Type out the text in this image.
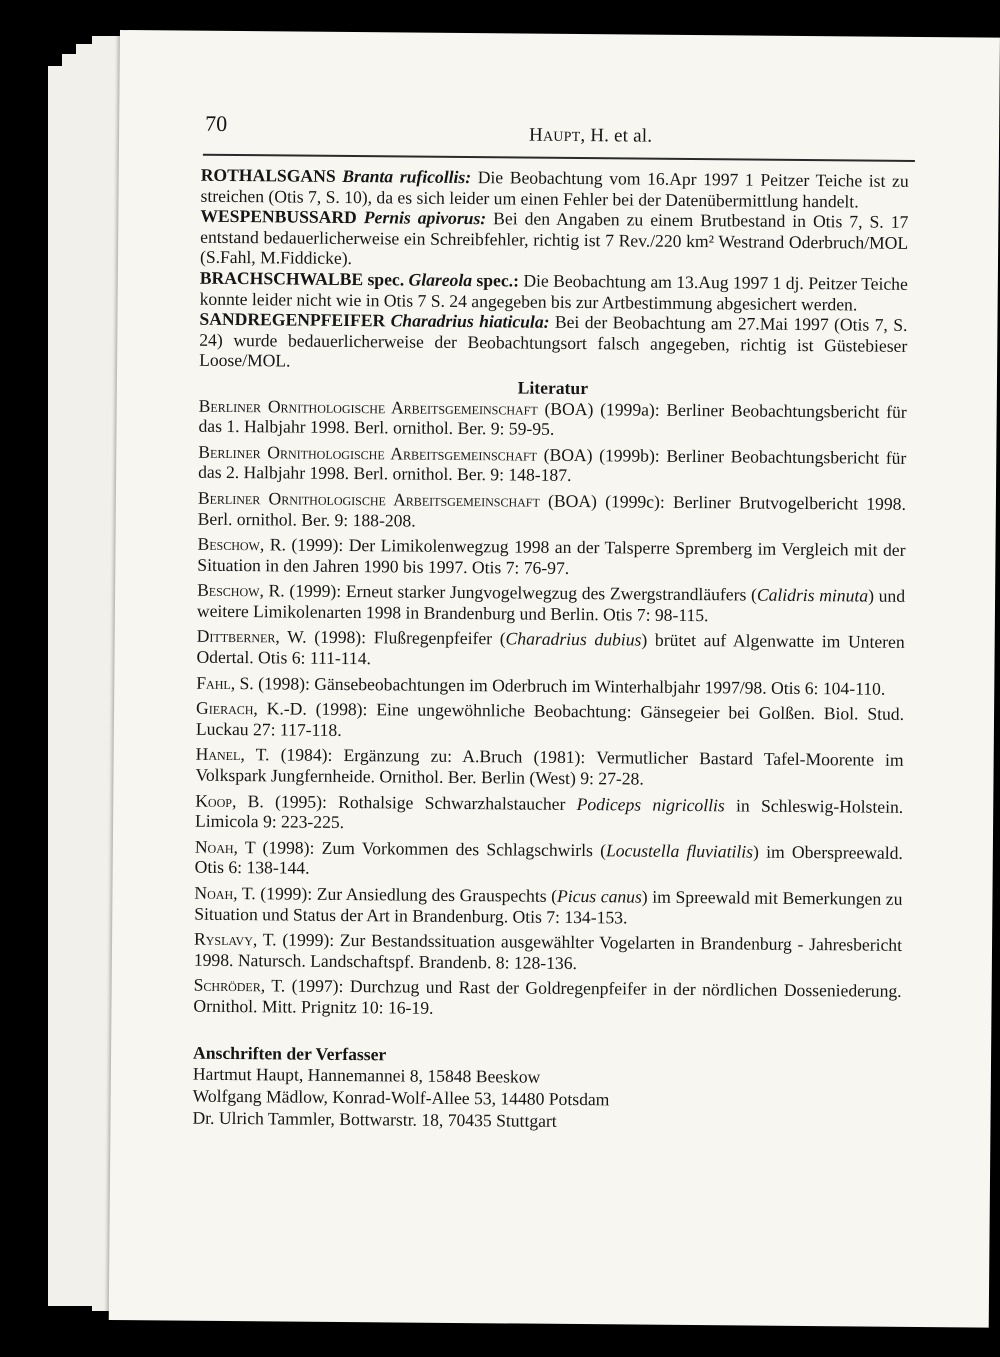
70	HAUPT, H. et al.

ROTHALSGANS Branta ruficollis: Die Beobachtung vom 16.Apr 1997 1 Peitzer Teiche ist zu streichen (Otis 7, S. 10), da es sich leider um einen Fehler bei der Datenübermittlung handelt.

WESPENBUSSARD Pernis apivorus: Bei den Angaben zu einem Brutbestand in Otis 7, S. 17 entstand bedauerlicherweise ein Schreibfehler, richtig ist 7 Rev./220 km² Westrand Oderbruch/MOL (S.Fahl, M.Fiddicke).

BRACHSCHWALBE spec. Glareola spec.: Die Beobachtung am 13.Aug 1997 1 dj. Peitzer Teiche konnte leider nicht wie in Otis 7 S. 24 angegeben bis zur Artbestimmung abgesichert werden.

SANDREGENPFEIFER Charadrius hiaticula: Bei der Beobachtung am 27.Mai 1997 (Otis 7, S. 24) wurde bedauerlicherweise der Beobachtungsort falsch angegeben, richtig ist Güstebieser Loose/MOL.

Literatur

Berliner Ornithologische Arbeitsgemeinschaft (BOA) (1999a): Berliner Beobachtungsbericht für das 1. Halbjahr 1998. Berl. ornithol. Ber. 9: 59-95.

Berliner Ornithologische Arbeitsgemeinschaft (BOA) (1999b): Berliner Beobachtungsbericht für das 2. Halbjahr 1998. Berl. ornithol. Ber. 9: 148-187.

Berliner Ornithologische Arbeitsgemeinschaft (BOA) (1999c): Berliner Brutvogelbericht 1998. Berl. ornithol. Ber. 9: 188-208.

Beschow, R. (1999): Der Limikolenwegzug 1998 an der Talsperre Spremberg im Vergleich mit der Situation in den Jahren 1990 bis 1997. Otis 7: 76-97.

Beschow, R. (1999): Erneut starker Jungvogelwegzug des Zwergstrandläufers (Calidris minuta) und weitere Limikolenarten 1998 in Brandenburg und Berlin. Otis 7: 98-115.

Dittberner, W. (1998): Flußregenpfeifer (Charadrius dubius) brütet auf Algenwatte im Unteren Odertal. Otis 6: 111-114.

Fahl, S. (1998): Gänsebeobachtungen im Oderbruch im Winterhalbjahr 1997/98. Otis 6: 104-110.

Gierach, K.-D. (1998): Eine ungewöhnliche Beobachtung: Gänsegeier bei Golßen. Biol. Stud. Luckau 27: 117-118.

Hanel, T. (1984): Ergänzung zu: A.Bruch (1981): Vermutlicher Bastard Tafel-Moorente im Volkspark Jungfernheide. Ornithol. Ber. Berlin (West) 9: 27-28.

Koop, B. (1995): Rothalsige Schwarzhalstaucher Podiceps nigricollis in Schleswig-Holstein. Limicola 9: 223-225.

Noah, T (1998): Zum Vorkommen des Schlagschwirls (Locustella fluviatilis) im Oberspreewald. Otis 6: 138-144.

Noah, T. (1999): Zur Ansiedlung des Grauspechts (Picus canus) im Spreewald mit Bemerkungen zu Situation und Status der Art in Brandenburg. Otis 7: 134-153.

Ryslavy, T. (1999): Zur Bestandssituation ausgewählter Vogelarten in Brandenburg - Jahresbericht 1998. Natursch. Landschaftspf. Brandenb. 8: 128-136.

Schröder, T. (1997): Durchzug und Rast der Goldregenpfeifer in der nördlichen Dosseniederung. Ornithol. Mitt. Prignitz 10: 16-19.

Anschriften der Verfasser

Hartmut Haupt, Hannemannei 8, 15848 Beeskow

Wolfgang Mädlow, Konrad-Wolf-Allee 53, 14480 Potsdam

Dr. Ulrich Tammler, Bottwarstr. 18, 70435 Stuttgart
